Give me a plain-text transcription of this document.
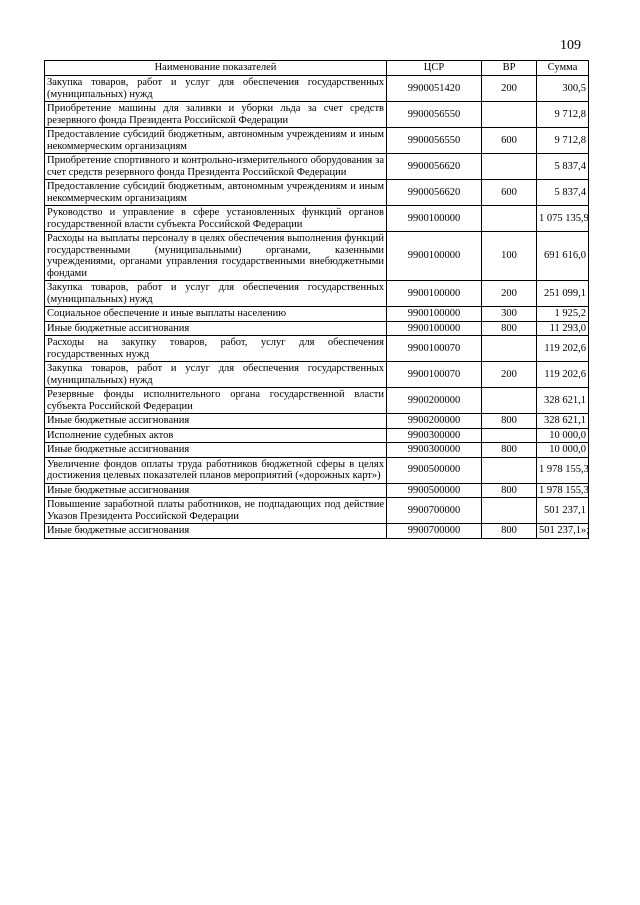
109
Наименование показателей	ЦСР	ВР	Сумма
Закупка товаров, работ и услуг для обеспечения государственных (муниципальных) нужд	9900051420	200	300,5
Приобретение машины для заливки и уборки льда за счет средств резервного фонда Президента Российской Федерации	9900056550		9 712,8
Предоставление субсидий бюджетным, автономным учреждениям и иным некоммерческим организациям	9900056550	600	9 712,8
Приобретение спортивного и контрольно-измерительного оборудования за счет средств резервного фонда Президента Российской Федерации	9900056620		5 837,4
Предоставление субсидий бюджетным, автономным учреждениям и иным некоммерческим организациям	9900056620	600	5 837,4
Руководство и управление в сфере установленных функций органов государственной власти субъекта Российской Федерации	9900100000		1 075 135,9
Расходы на выплаты персоналу в целях обеспечения выполнения функций государственными (муниципальными) органами, казенными учреждениями, органами управления государственными внебюджетными фондами	9900100000	100	691 616,0
Закупка товаров, работ и услуг для обеспечения государственных (муниципальных) нужд	9900100000	200	251 099,1
Социальное обеспечение и иные выплаты населению	9900100000	300	1 925,2
Иные бюджетные ассигнования	9900100000	800	11 293,0
Расходы на закупку товаров, работ, услуг для обеспечения государственных нужд	9900100070		119 202,6
Закупка товаров, работ и услуг для обеспечения государственных (муниципальных) нужд	9900100070	200	119 202,6
Резервные фонды исполнительного органа государственной власти субъекта Российской Федерации	9900200000		328 621,1
Иные бюджетные ассигнования	9900200000	800	328 621,1
Исполнение судебных актов	9900300000		10 000,0
Иные бюджетные ассигнования	9900300000	800	10 000,0
Увеличение фондов оплаты труда работников бюджетной сферы в целях достижения целевых показателей планов мероприятий («дорожных карт»)	9900500000		1 978 155,3
Иные бюджетные ассигнования	9900500000	800	1 978 155,3
Повышение заработной платы работников, не подпадающих под действие Указов Президента Российской Федерации	9900700000		501 237,1
Иные бюджетные ассигнования	9900700000	800	501 237,1»;
